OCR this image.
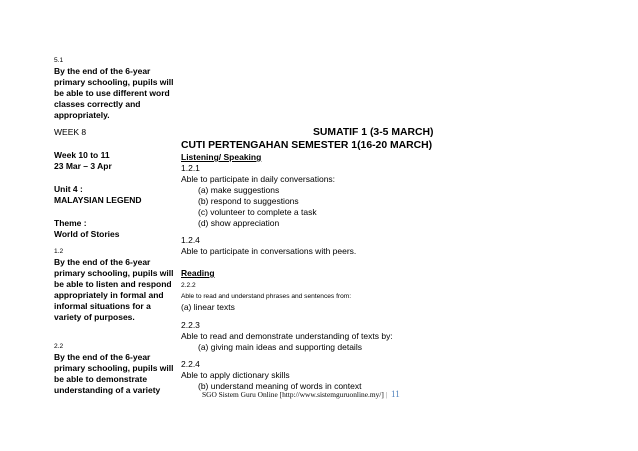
5.1
By the end of the 6-year primary schooling, pupils will be able to use different word classes correctly and appropriately.
WEEK 8
Week 10 to 11
23 Mar – 3 Apr
Unit 4 :
MALAYSIAN LEGEND
Theme :
World of Stories
1.2
By the end of the 6-year primary schooling, pupils will be able to listen and respond appropriately in formal and informal situations for a variety of purposes.
2.2
By the end of the 6-year primary schooling, pupils will be able to demonstrate understanding of a variety
SUMATIF 1 (3-5 MARCH)
CUTI PERTENGAHAN SEMESTER 1(16-20 MARCH)
Listening/ Speaking
1.2.1
Able to participate in daily conversations:
(a) make suggestions
(b) respond to suggestions
(c) volunteer to complete a task
(d) show appreciation
1.2.4
Able to participate in conversations with peers.
Reading
2.2.2
Able to read and understand phrases and sentences from:
(a) linear texts
2.2.3
Able to read and demonstrate understanding of texts by:
(a) giving main ideas and supporting details
2.2.4
Able to apply dictionary skills
(b) understand meaning of words in context
SGO Sistem Guru Online [http://www.sistemguruonline.my/] | 11
